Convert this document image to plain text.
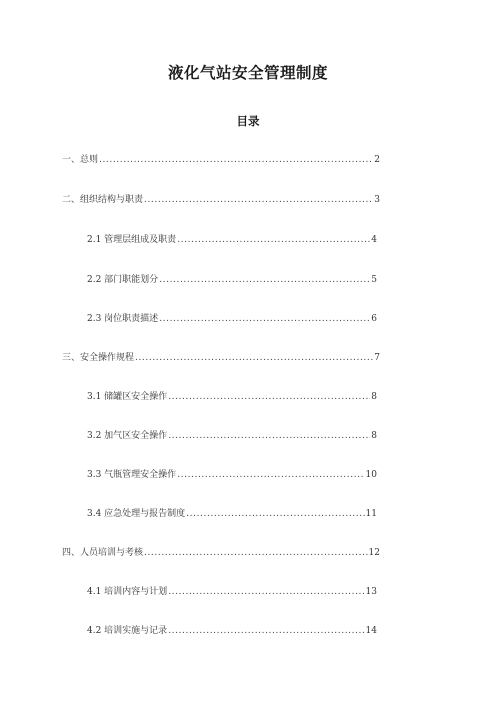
液化气站安全管理制度
目录
一、总则 .....	2
二、组织结构与职责 .....	3
2.1 管理层组成及职责 .....	4
2.2 部门职能划分 .....	5
2.3 岗位职责描述 .....	6
三、安全操作规程 .....	7
3.1 储罐区安全操作 .....	8
3.2 加气区安全操作 .....	8
3.3 气瓶管理安全操作 .....	10
3.4 应急处理与报告制度 .....	11
四、人员培训与考核 .....	12
4.1 培训内容与计划 .....	13
4.2 培训实施与记录 .....	14
